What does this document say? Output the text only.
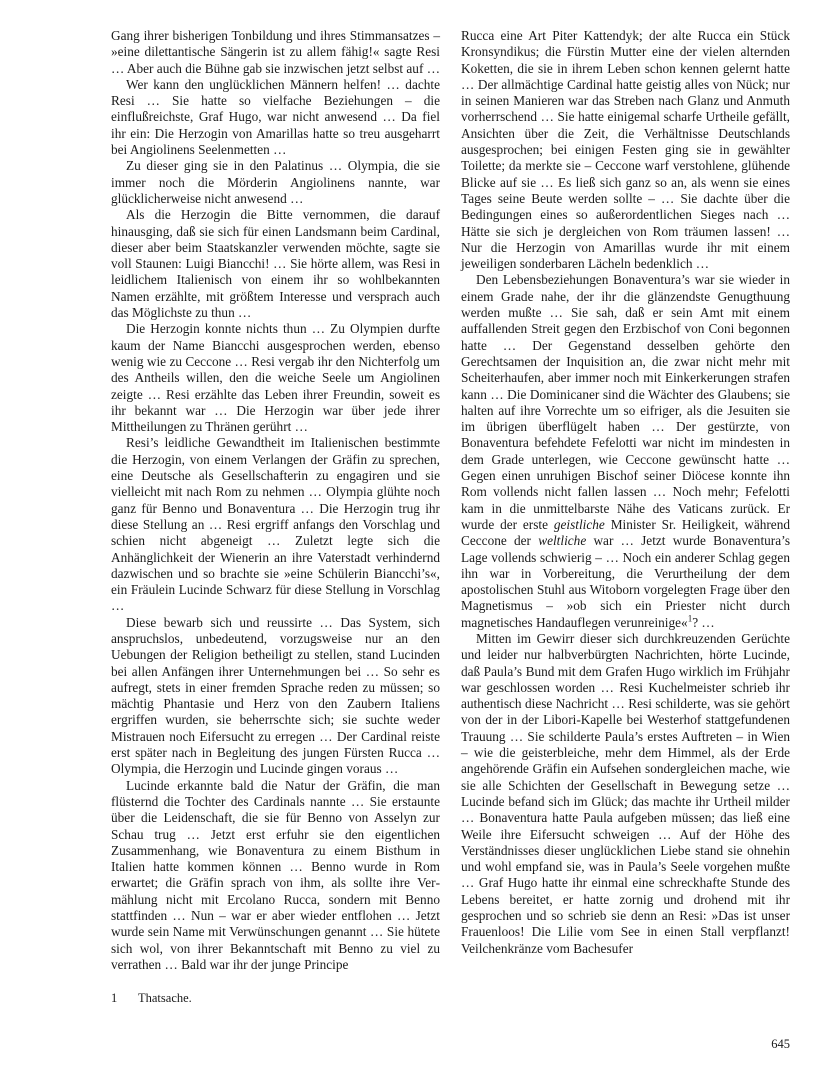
Gang ihrer bisherigen Tonbildung und ihres Stimmansatzes – »eine dilettantische Sängerin ist zu allem fähig!« sagte Resi … Aber auch die Bühne gab sie inzwischen jetzt selbst auf …

Wer kann den unglücklichen Männern helfen! … dachte Resi … Sie hatte so vielfache Beziehungen – die einflußreichste, Graf Hugo, war nicht anwesend … Da fiel ihr ein: Die Herzogin von Amarillas hatte so treu ausgeharrt bei Angiolinens Seelenmetten …

Zu dieser ging sie in den Palatinus … Olympia, die sie immer noch die Mörderin Angiolinens nannte, war glücklicherweise nicht anwesend …

Als die Herzogin die Bitte vernommen, die darauf hinausging, daß sie sich für einen Landsmann beim Cardinal, dieser aber beim Staatskanzler verwenden möchte, sagte sie voll Staunen: Luigi Biancchi! … Sie hörte allem, was Resi in leidlichem Italienisch von einem ihr so wohlbekannten Namen erzählte, mit größtem Interesse und versprach auch das Möglichste zu thun …

Die Herzogin konnte nichts thun … Zu Olympien durfte kaum der Name Biancchi ausgesprochen werden, ebenso wenig wie zu Ceccone … Resi vergab ihr den Nichterfolg um des Antheils willen, den die weiche Seele um Angiolinen zeigte … Resi erzählte das Leben ihrer Freundin, soweit es ihr bekannt war … Die Herzogin war über jede ihrer Mittheilungen zu Thränen gerührt …

Resi’s leidliche Gewandtheit im Italienischen bestimmte die Herzogin, von einem Verlangen der Gräfin zu sprechen, eine Deutsche als Gesellschafterin zu engagiren und sie vielleicht mit nach Rom zu nehmen … Olympia glühte noch ganz für Benno und Bonaventura … Die Herzogin trug ihr diese Stellung an … Resi ergriff anfangs den Vorschlag und schien nicht abgeneigt … Zuletzt legte sich die Anhänglichkeit der Wienerin an ihre Vaterstadt verhindernd dazwischen und so brachte sie »eine Schülerin Biancchi’s«, ein Fräulein Lucinde Schwarz für diese Stellung in Vorschlag …

Diese bewarb sich und reussirte … Das System, sich anspruchslos, unbedeutend, vorzugsweise nur an den Uebungen der Religion betheiligt zu stellen, stand Lucinden bei allen Anfängen ihrer Unternehmungen bei … So sehr es aufregt, stets in einer fremden Sprache reden zu müssen; so mächtig Phantasie und Herz von den Zaubern Italiens ergriffen wurden, sie beherrschte sich; sie suchte weder Mistrauen noch Eifersucht zu erregen … Der Cardinal reiste erst später nach in Begleitung des jungen Fürsten Rucca … Olympia, die Herzogin und Lucinde gingen voraus …

Lucinde erkannte bald die Natur der Gräfin, die man flüsternd die Tochter des Cardinals nannte … Sie erstaunte über die Leidenschaft, die sie für Benno von Asselyn zur Schau trug … Jetzt erst erfuhr sie den eigentlichen Zusammenhang, wie Bonaventura zu einem Bisthum in Italien hatte kommen können … Benno wurde in Rom erwartet; die Gräfin sprach von ihm, als sollte ihre Vermählung nicht mit Ercolano Rucca, sondern mit Benno stattfinden … Nun – war er aber wieder entflohen … Jetzt wurde sein Name mit Verwünschungen genannt … Sie hütete sich wol, von ihrer Bekanntschaft mit Benno zu viel zu verrathen … Bald war ihr der junge Principe

Rucca eine Art Piter Kattendyk; der alte Rucca ein Stück Kronsyndikus; die Fürstin Mutter eine der vielen alternden Koketten, die sie in ihrem Leben schon kennen gelernt hatte … Der allmächtige Cardinal hatte geistig alles von Nück; nur in seinen Manieren war das Streben nach Glanz und Anmuth vorherrschend … Sie hatte einigemal scharfe Urtheile gefällt, Ansichten über die Zeit, die Verhältnisse Deutschlands ausgesprochen; bei einigen Festen ging sie in gewählter Toilette; da merkte sie – Ceccone warf verstohlene, glühende Blicke auf sie … Es ließ sich ganz so an, als wenn sie eines Tages seine Beute werden sollte – … Sie dachte über die Bedingungen eines so außerordentlichen Sieges nach … Hätte sie sich je dergleichen von Rom träumen lassen! … Nur die Herzogin von Amarillas wurde ihr mit einem jeweiligen sonderbaren Lächeln bedenklich …

Den Lebensbeziehungen Bonaventura’s war sie wieder in einem Grade nahe, der ihr die glänzendste Genugthuung werden mußte … Sie sah, daß er sein Amt mit einem auffallenden Streit gegen den Erzbischof von Coni begonnen hatte … Der Gegenstand desselben gehörte den Gerechtsamen der Inquisition an, die zwar nicht mehr mit Scheiterhaufen, aber immer noch mit Einkerkerungen strafen kann … Die Dominicaner sind die Wächter des Glaubens; sie halten auf ihre Vorrechte um so eifriger, als die Jesuiten sie im übrigen überflügelt haben … Der gestürzte, von Bonaventura befehdete Fefelotti war nicht im mindesten in dem Grade unterlegen, wie Ceccone gewünscht hatte … Gegen einen unruhigen Bischof seiner Diöcese konnte ihn Rom vollends nicht fallen lassen … Noch mehr; Fefelotti kam in die unmittelbarste Nähe des Vaticans zurück. Er wurde der erste geistliche Minister Sr. Heiligkeit, während Ceccone der weltliche war … Jetzt wurde Bonaventura’s Lage vollends schwierig – … Noch ein anderer Schlag gegen ihn war in Vorbereitung, die Verurtheilung der dem apostolischen Stuhl aus Witoborn vorgelegten Frage über den Magnetismus – »ob sich ein Priester nicht durch magnetisches Handauflegen verunreinige«$^1$? …

Mitten im Gewirr dieser sich durchkreuzenden Gerüchte und leider nur halbverbürgten Nachrichten, hörte Lucinde, daß Paula’s Bund mit dem Grafen Hugo wirklich im Frühjahr war geschlossen worden … Resi Kuchelmeister schrieb ihr authentisch diese Nachricht … Resi schilderte, was sie gehört von der in der Libori-Kapelle bei Westerhof stattgefundenen Trauung … Sie schilderte Paula’s erstes Auftreten – in Wien – wie die geisterbleiche, mehr dem Himmel, als der Erde angehörende Gräfin ein Aufsehen sondergleichen mache, wie sie alle Schichten der Gesellschaft in Bewegung setze … Lucinde befand sich im Glück; das machte ihr Urtheil milder … Bonaventura hatte Paula aufgeben müssen; das ließ eine Weile ihre Eifersucht schweigen … Auf der Höhe des Verständnisses dieser unglücklichen Liebe stand sie ohnehin und wohl empfand sie, was in Paula’s Seele vorgehen mußte … Graf Hugo hatte ihr einmal eine schreckhafte Stunde des Lebens bereitet, er hatte zornig und drohend mit ihr gesprochen und so schrieb sie denn an Resi: »Das ist unser Frauenloos! Die Lilie vom See in einen Stall verpflanzt! Veilchenkränze vom Bachesufer

1 Thatsache.
645
